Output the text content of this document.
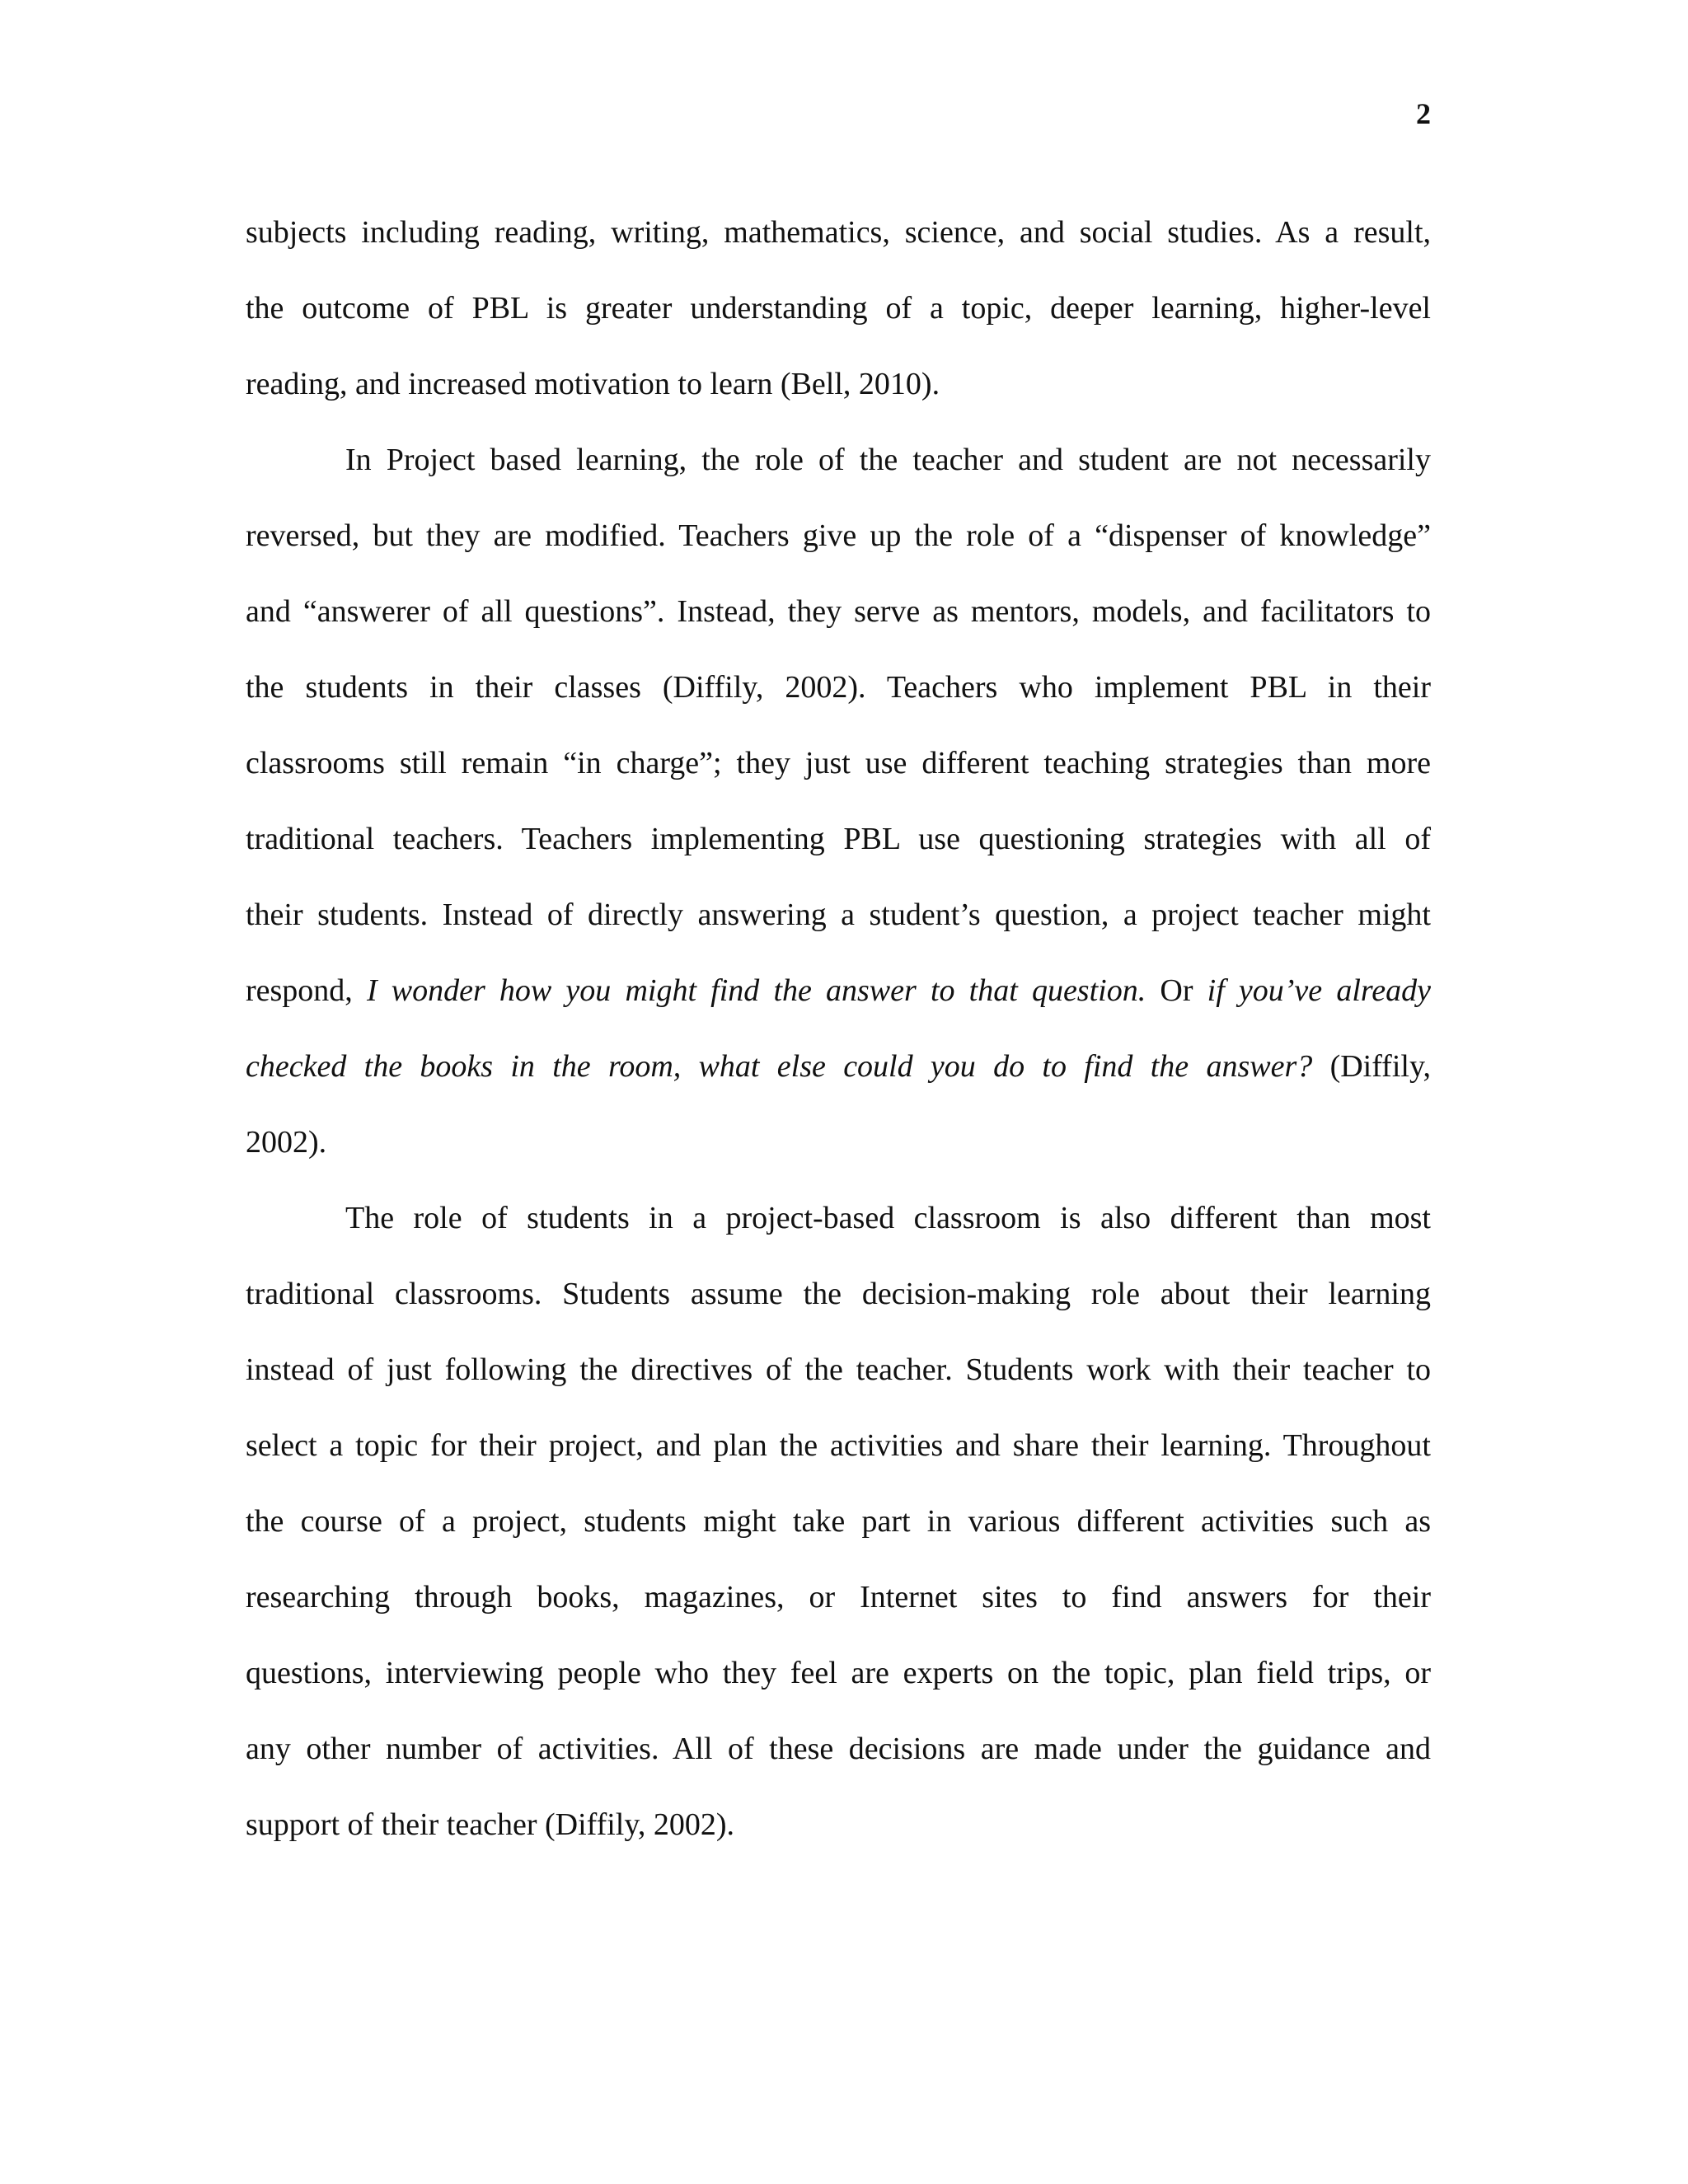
2
subjects including reading, writing, mathematics, science, and social studies. As a result,
the outcome of PBL is greater understanding of a topic, deeper learning, higher-level
reading, and increased motivation to learn (Bell, 2010).
In Project based learning, the role of the teacher and student are not necessarily
reversed, but they are modified. Teachers give up the role of a “dispenser of knowledge”
and “answerer of all questions”. Instead, they serve as mentors, models, and facilitators to
the students in their classes (Diffily, 2002). Teachers who implement PBL in their
classrooms still remain “in charge”; they just use different teaching strategies than more
traditional teachers. Teachers implementing PBL use questioning strategies with all of
their students. Instead of directly answering a student’s question, a project teacher might
respond, I wonder how you might find the answer to that question. Or if you’ve already
checked the books in the room, what else could you do to find the answer? (Diffily,
2002).
The role of students in a project-based classroom is also different than most
traditional classrooms. Students assume the decision-making role about their learning
instead of just following the directives of the teacher. Students work with their teacher to
select a topic for their project, and plan the activities and share their learning. Throughout
the course of a project, students might take part in various different activities such as
researching through books, magazines, or Internet sites to find answers for their
questions, interviewing people who they feel are experts on the topic, plan field trips, or
any other number of activities. All of these decisions are made under the guidance and
support of their teacher (Diffily, 2002).
